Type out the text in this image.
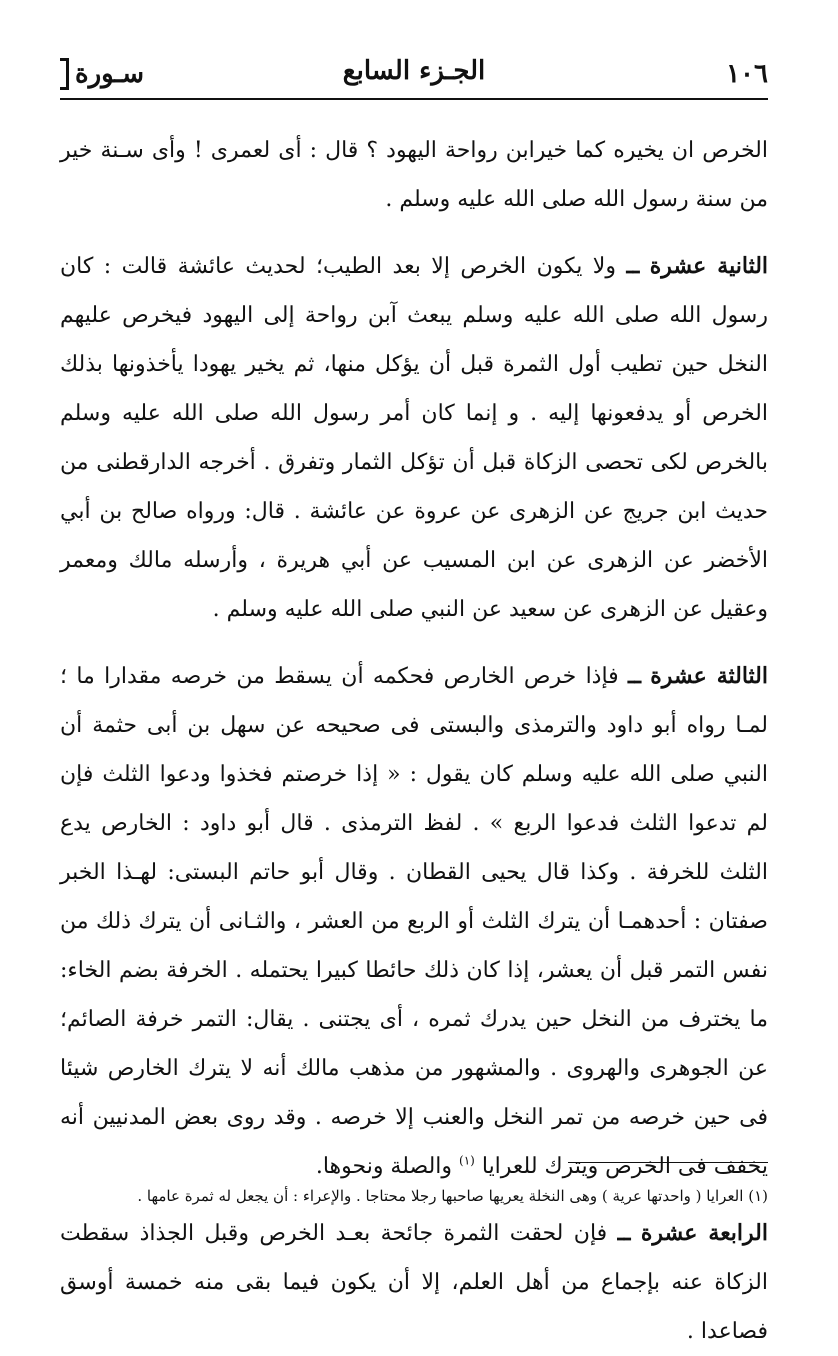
١٠٦
الجـزء السابع
سـورة

الخرص ان يخيره كما خيرابن رواحة اليهود ؟ قال : أى لعمرى ! وأى سـنة خير من سنة رسول الله صلى الله عليه وسلم .

الثانية عشرة ــ ولا يكون الخرص إلا بعد الطيب؛ لحديث عائشة قالت : كان رسول الله صلى الله عليه وسلم يبعث آبن رواحة إلى اليهود فيخرص عليهم النخل حين تطيب أول الثمرة قبل أن يؤكل منها، ثم يخير يهودا يأخذونها بذلك الخرص أو يدفعونها إليه . و إنما كان أمر رسول الله صلى الله عليه وسلم بالخرص لكى تحصى الزكاة قبل أن تؤكل الثمار وتفرق . أخرجه الدارقطنى من حديث ابن جريج عن الزهرى عن عروة عن عائشة . قال: ورواه صالح بن أبي الأخضر عن الزهرى عن ابن المسيب عن أبي هريرة ، وأرسله مالك ومعمر وعقيل عن الزهرى عن سعيد عن النبي صلى الله عليه وسلم .

الثالثة عشرة ــ فإذا خرص الخارص فحكمه أن يسقط من خرصه مقدارا ما ؛ لمـا رواه أبو داود والترمذى والبستى فى صحيحه عن سهل بن أبى حثمة أن النبي صلى الله عليه وسلم كان يقول : « إذا خرصتم فخذوا ودعوا الثلث فإن لم تدعوا الثلث فدعوا الربع » . لفظ الترمذى . قال أبو داود : الخارص يدع الثلث للخرفة . وكذا قال يحيى القطان . وقال أبو حاتم البستى: لهـذا الخبر صفتان : أحدهمـا أن يترك الثلث أو الربع من العشر ، والثـانى أن يترك ذلك من نفس التمر قبل أن يعشر، إذا كان ذلك حائطا كبيرا يحتمله . الخرفة بضم الخاء: ما يخترف من النخل حين يدرك ثمره ، أى يجتنى . يقال: التمر خرفة الصائم؛ عن الجوهرى والهروى . والمشهور من مذهب مالك أنه لا يترك الخارص شيئا فى حين خرصه من تمر النخل والعنب إلا خرصه . وقد روى بعض المدنيين أنه يخفف فى الخرص ويترك للعرايا $^{(١)}$ والصلة ونحوها.

الرابعة عشرة ــ فإن لحقت الثمرة جائحة بعـد الخرص وقبل الجذاذ سقطت الزكاة عنه بإجماع من أهل العلم، إلا أن يكون فيما بقى منه خمسة أوسق فصاعدا .

(١) العرايا ( واحدتها عرية ) وهى النخلة يعريها صاحبها رجلا محتاجا . والإعراء : أن يجعل له ثمرة عامها .
